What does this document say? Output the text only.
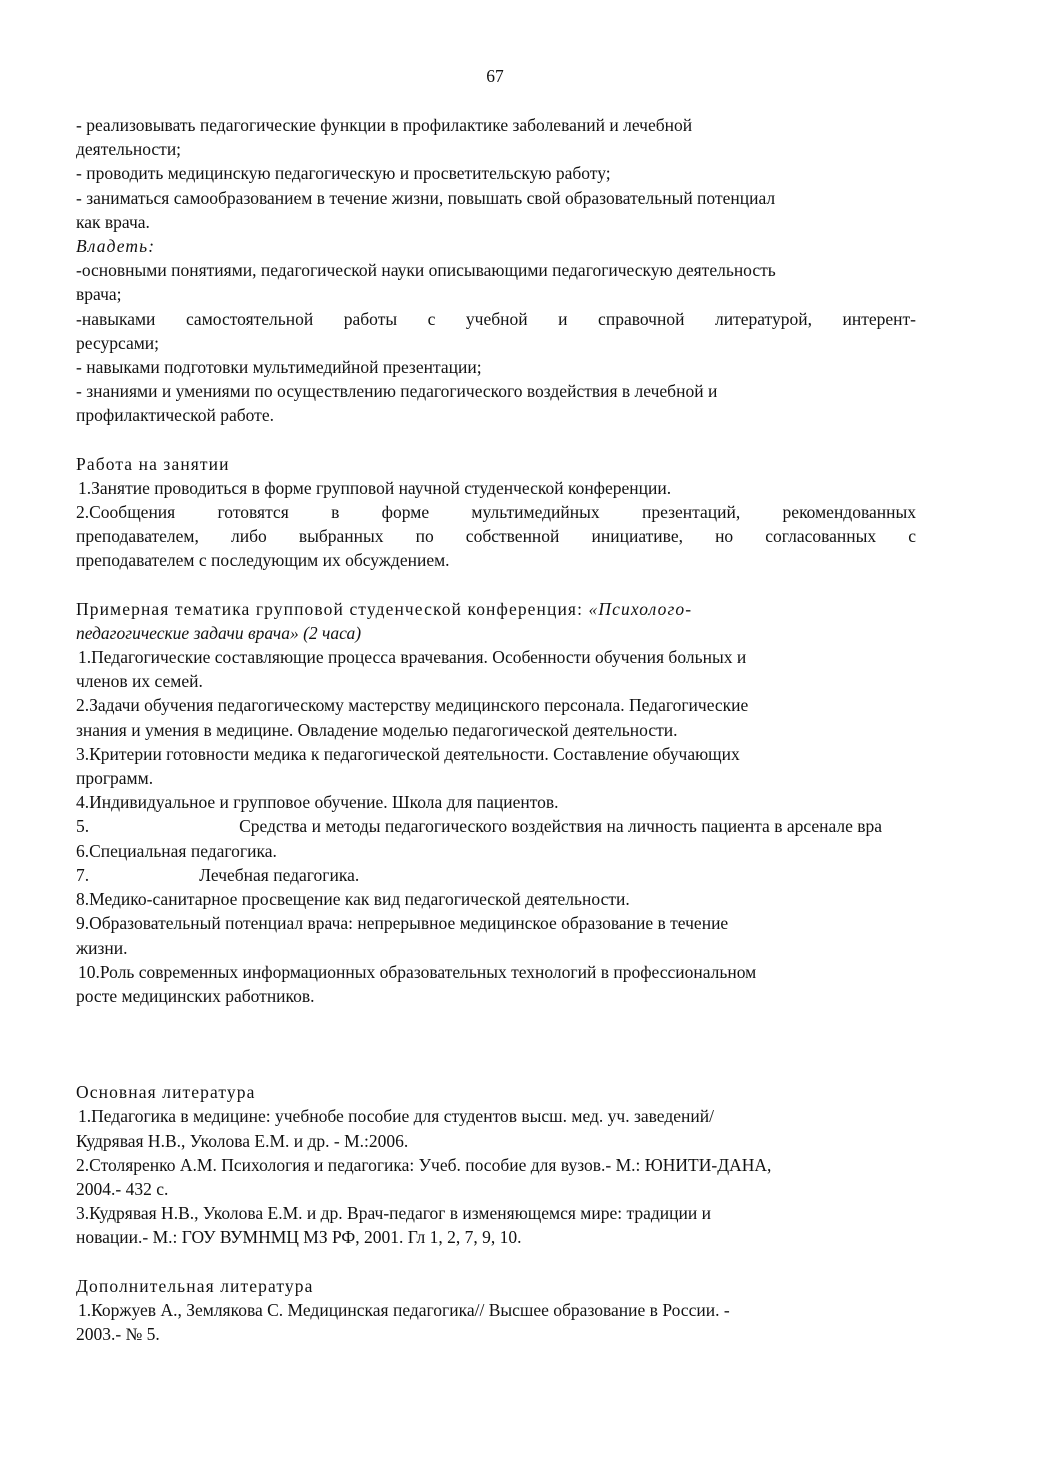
67
- реализовывать педагогические функции в профилактике заболеваний и лечебной
деятельности;
- проводить медицинскую педагогическую и просветительскую работу;
- заниматься самообразованием в течение жизни, повышать свой образовательный потенциал
как врача.
Владеть:
-основными понятиями, педагогической науки описывающими педагогическую деятельность
врача;
-навыками самостоятельной работы с учебной и справочной литературой, интерент-
ресурсами;
- навыками подготовки мультимедийной презентации;
- знаниями и умениями по осуществлению педагогического воздействия в лечебной и
профилактической работе.
Работа на занятии
1.Занятие проводиться в форме групповой научной студенческой конференции.
2.Сообщения готовятся в форме мультимедийных презентаций, рекомендованных
преподавателем, либо выбранных по собственной инициативе, но согласованных с
преподавателем с последующим их обсуждением.
Примерная тематика групповой студенческой конференция: «Психолого-
педагогические задачи врача» (2 часа)
1.Педагогические составляющие процесса врачевания. Особенности обучения больных и
членов их семей.
2.Задачи обучения педагогическому мастерству медицинского персонала. Педагогические
знания и умения в медицине. Овладение моделью педагогической деятельности.
3.Критерии готовности медика к педагогической деятельности. Составление обучающих
программ.
4.Индивидуальное и групповое обучение. Школа для пациентов.
5.	Средства и методы педагогического воздействия на личность пациента в арсенале вра
6.Специальная педагогика.
7.	Лечебная педагогика.
8.Медико-санитарное просвещение как вид педагогической деятельности.
9.Образовательный потенциал врача: непрерывное медицинское образование в течение
жизни.
10.Роль современных информационных образовательных технологий в профессиональном
росте медицинских работников.
Основная литература
1.Педагогика в медицине: учебнобе пособие для студентов высш. мед. уч. заведений/
Кудрявая Н.В., Уколова Е.М. и др. - М.:2006.
2.Столяренко А.М. Психология и педагогика: Учеб. пособие для вузов.- М.: ЮНИТИ-ДАНА,
2004.- 432 с.
3.Кудрявая Н.В., Уколова Е.М. и др. Врач-педагог в изменяющемся мире: традиции и
новации.- М.: ГОУ ВУМНМЦ МЗ РФ, 2001. Гл 1, 2, 7, 9, 10.
Дополнительная литература
1.Коржуев А., Землякова С. Медицинская педагогика// Высшее образование в России. -
2003.- № 5.
